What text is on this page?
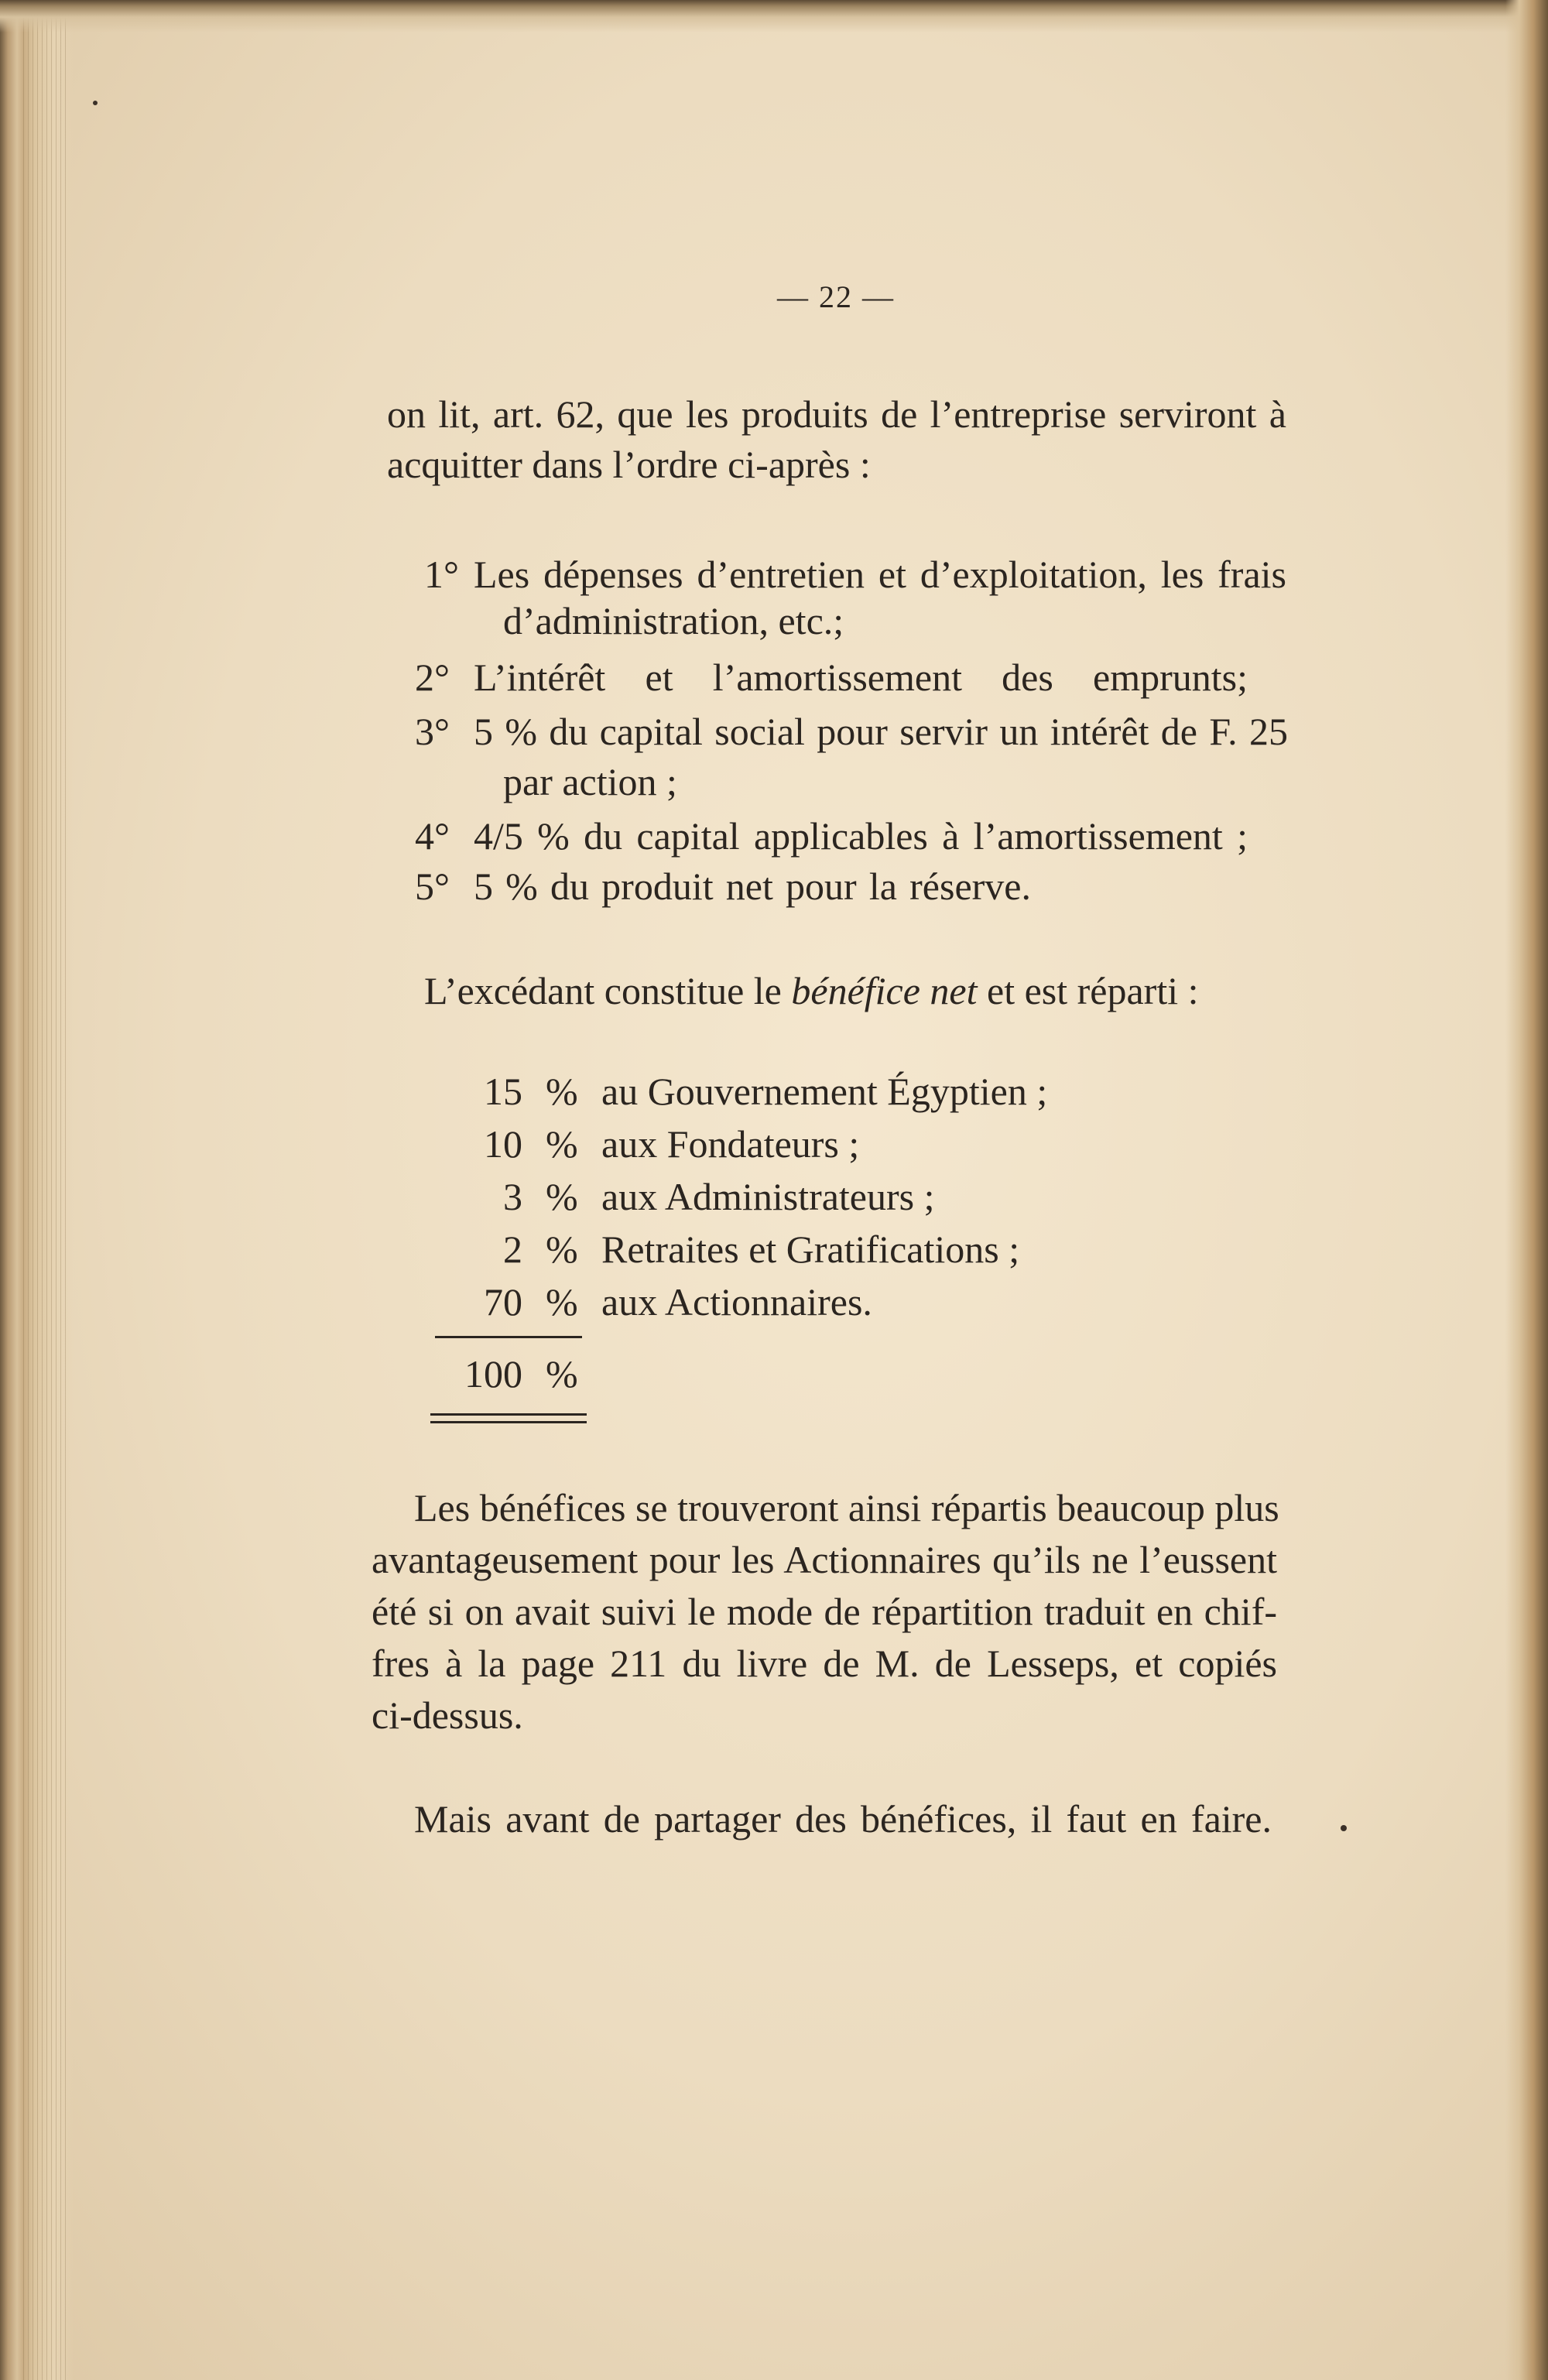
— 22 —
on lit, art. 62, que les produits de l’entreprise serviront à
acquitter dans l’ordre ci-après :
1° Les dépenses d’entretien et d’exploitation, les frais
d’administration, etc.;
2° L’intérêt et l’amortissement des emprunts;
3° 5 % du capital social pour servir un intérêt de F. 25
par action ;
4° 4/5 % du capital applicables à l’amortissement ;
5° 5 % du produit net pour la réserve.
L’excédant constitue le bénéfice net et est réparti :
15 % au Gouvernement Égyptien ;
10 % aux Fondateurs ;
3 % aux Administrateurs ;
2 % Retraites et Gratifications ;
70 % aux Actionnaires.
100 %
Les bénéfices se trouveront ainsi répartis beaucoup plus
avantageusement pour les Actionnaires qu’ils ne l’eussent
été si on avait suivi le mode de répartition traduit en chif-
fres à la page 211 du livre de M. de Lesseps, et copiés
ci-dessus.
Mais avant de partager des bénéfices, il faut en faire.
